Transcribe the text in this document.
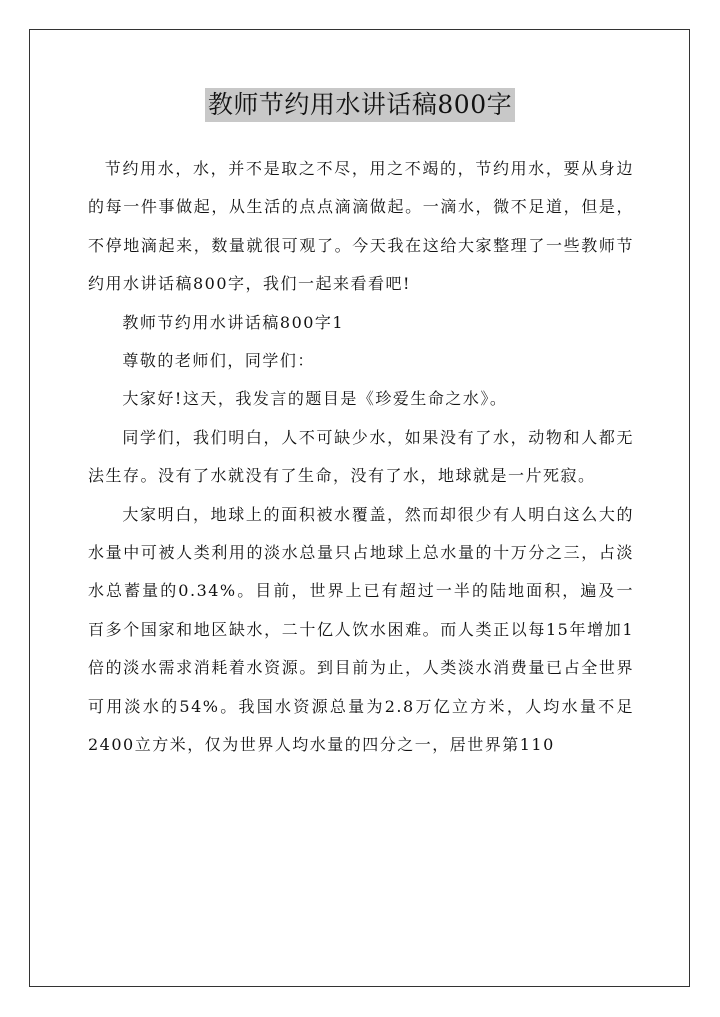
教师节约用水讲话稿800字

节约用水，水，并不是取之不尽，用之不竭的，节约用水，要从身边的每一件事做起，从生活的点点滴滴做起。一滴水，微不足道，但是，不停地滴起来，数量就很可观了。今天我在这给大家整理了一些教师节约用水讲话稿800字，我们一起来看看吧!

教师节约用水讲话稿800字1

尊敬的老师们，同学们：

大家好!这天，我发言的题目是《珍爱生命之水》。

同学们，我们明白，人不可缺少水，如果没有了水，动物和人都无法生存。没有了水就没有了生命，没有了水，地球就是一片死寂。

大家明白，地球上的面积被水覆盖，然而却很少有人明白这么大的水量中可被人类利用的淡水总量只占地球上总水量的十万分之三，占淡水总蓄量的0.34%。目前，世界上已有超过一半的陆地面积，遍及一百多个国家和地区缺水，二十亿人饮水困难。而人类正以每15年增加1倍的淡水需求消耗着水资源。到目前为止，人类淡水消费量已占全世界可用淡水的54%。我国水资源总量为2.8万亿立方米，人均水量不足2400立方米，仅为世界人均水量的四分之一，居世界第110
